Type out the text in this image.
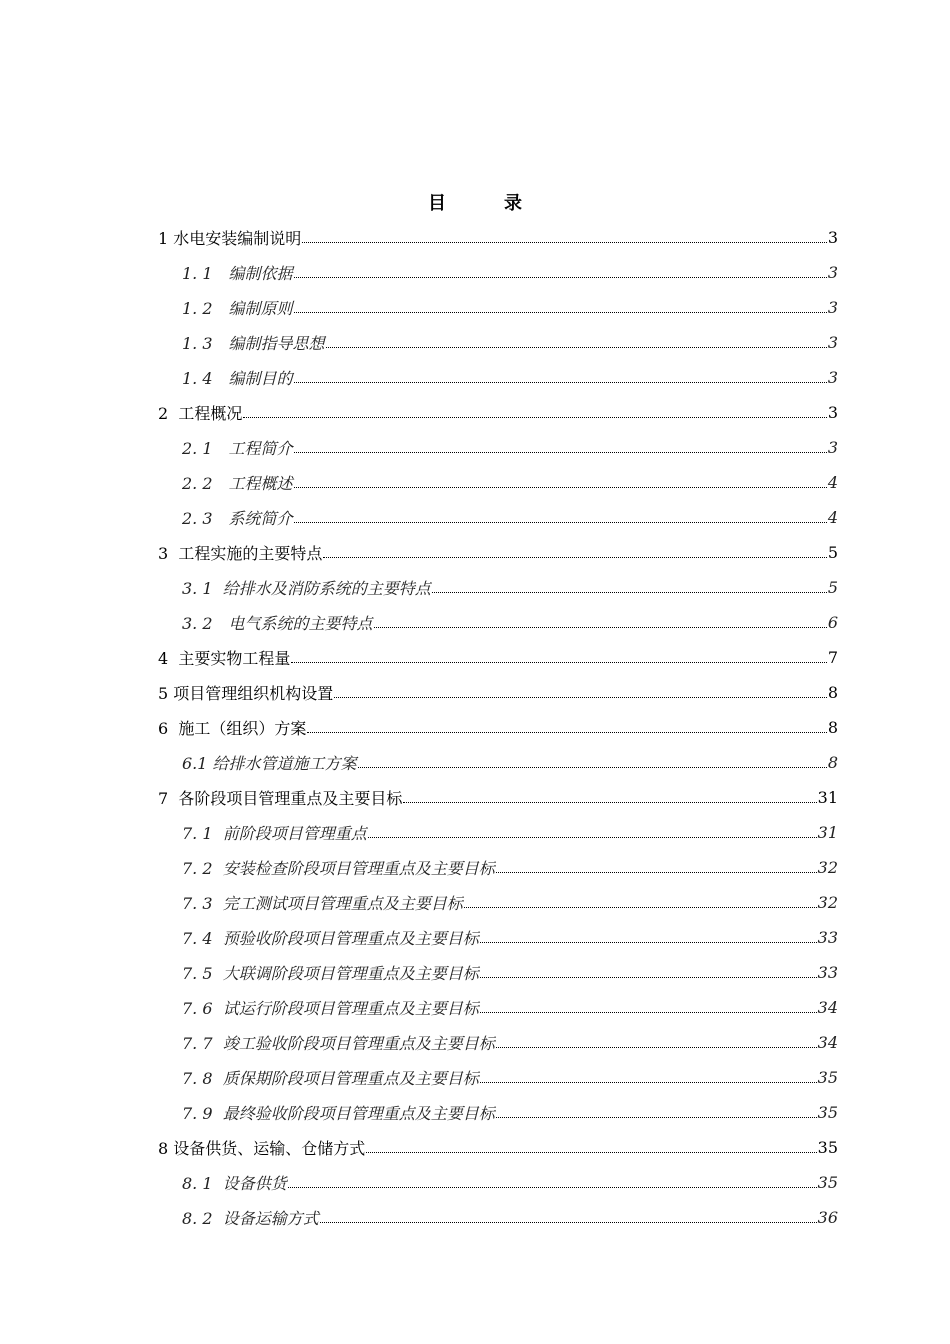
目　录
1 水电安装编制说明	3
1. 1　编制依据	3
1. 2　编制原则	3
1. 3　编制指导思想	3
1. 4　编制目的	3
2  工程概况	3
2. 1　工程简介	3
2. 2　工程概述	4
2. 3　系统简介	4
3  工程实施的主要特点	5
3. 1  给排水及消防系统的主要特点	5
3. 2　电气系统的主要特点	6
4  主要实物工程量	7
5 项目管理组织机构设置	8
6  施工（组织）方案	8
6.1 给排水管道施工方案	8
7  各阶段项目管理重点及主要目标	31
7. 1  前阶段项目管理重点	31
7. 2  安装检查阶段项目管理重点及主要目标	32
7. 3  完工测试项目管理重点及主要目标	32
7. 4  预验收阶段项目管理重点及主要目标	33
7. 5  大联调阶段项目管理重点及主要目标	33
7. 6  试运行阶段项目管理重点及主要目标	34
7. 7  竣工验收阶段项目管理重点及主要目标	34
7. 8  质保期阶段项目管理重点及主要目标	35
7. 9  最终验收阶段项目管理重点及主要目标	35
8 设备供货、运输、仓储方式	35
8. 1  设备供货	35
8. 2  设备运输方式	36
